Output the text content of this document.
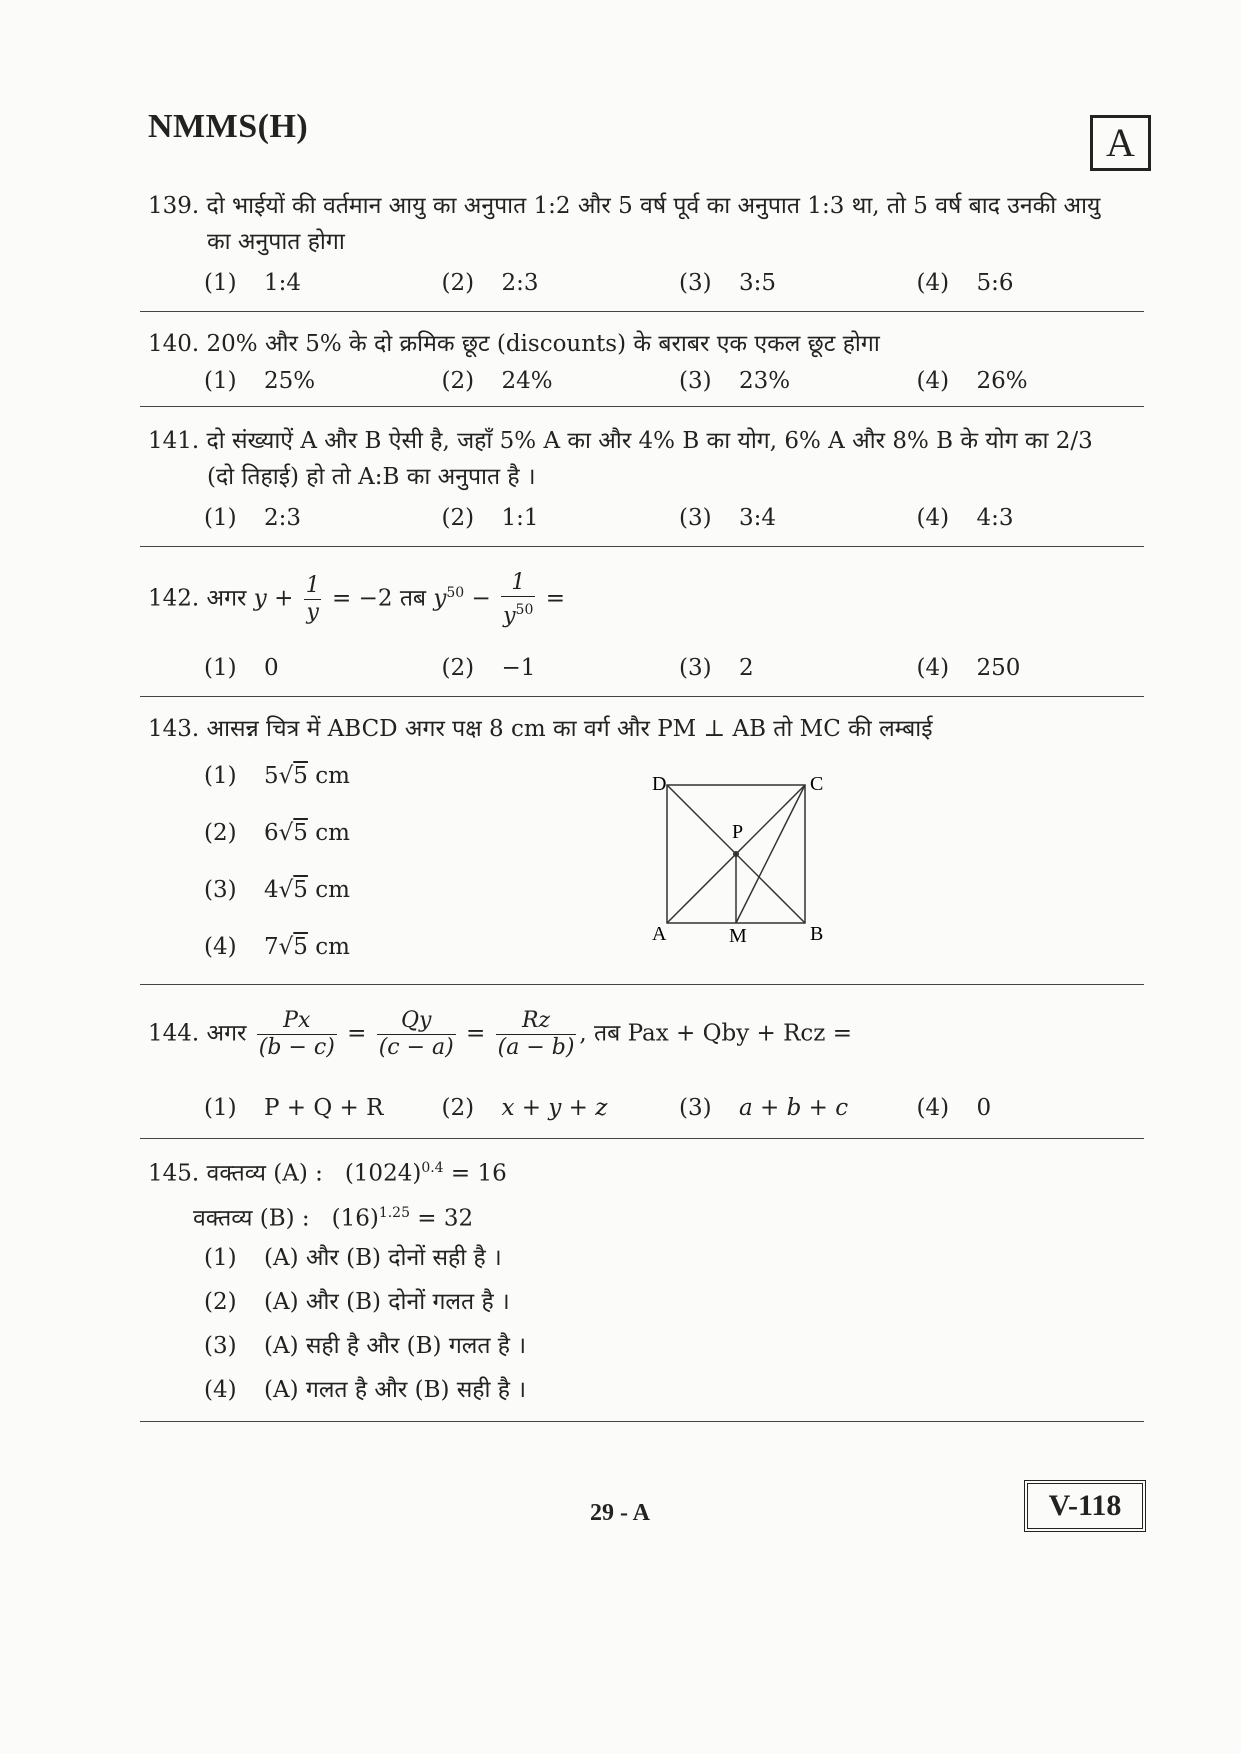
NMMS(H)	A
139. दो भाईयों की वर्तमान आयु का अनुपात 1:2 और 5 वर्ष पूर्व का अनुपात 1:3 था, तो 5 वर्ष बाद उनकी आयु
का अनुपात होगा
(1) 1:4	(2) 2:3	(3) 3:5	(4) 5:6
140. 20% और 5% के दो क्रमिक छूट (discounts) के बराबर एक एकल छूट होगा
(1) 25%	(2) 24%	(3) 23%	(4) 26%
141. दो संख्याऐं A और B ऐसी है, जहाँ 5% A का और 4% B का योग, 6% A और 8% B के योग का 2/3
(दो तिहाई) हो तो A:B का अनुपात है ।
(1) 2:3	(2) 1:1	(3) 3:4	(4) 4:3
142. अगर $y + \frac{1}{y} = -2$ तब $y^{50} - \frac{1}{y^{50}}$ =
(1) 0	(2) −1	(3) 2	(4) 250
143. आसन्न चित्र में ABCD अगर पक्ष 8 cm का वर्ग और PM ⊥ AB तो MC की लम्बाई
(1) 5√5 cm
(2) 6√5 cm
(3) 4√5 cm
(4) 7√5 cm
D	C
P
A	M	B
144. अगर $\frac{Px}{(b - c)} = \frac{Qy}{(c - a)} = \frac{Rz}{(a - b)}$ , तब Pax + Qby + Rcz =
(1) P + Q + R	(2) x + y + z	(3) a + b + c	(4) 0
145. वक्तव्य (A) : $(1024)^{0.4} = 16$
वक्तव्य (B) : $(16)^{1.25} = 32$
(1) (A) और (B) दोनों सही है ।
(2) (A) और (B) दोनों गलत है ।
(3) (A) सही है और (B) गलत है ।
(4) (A) गलत है और (B) सही है ।
29 - A	V-118
